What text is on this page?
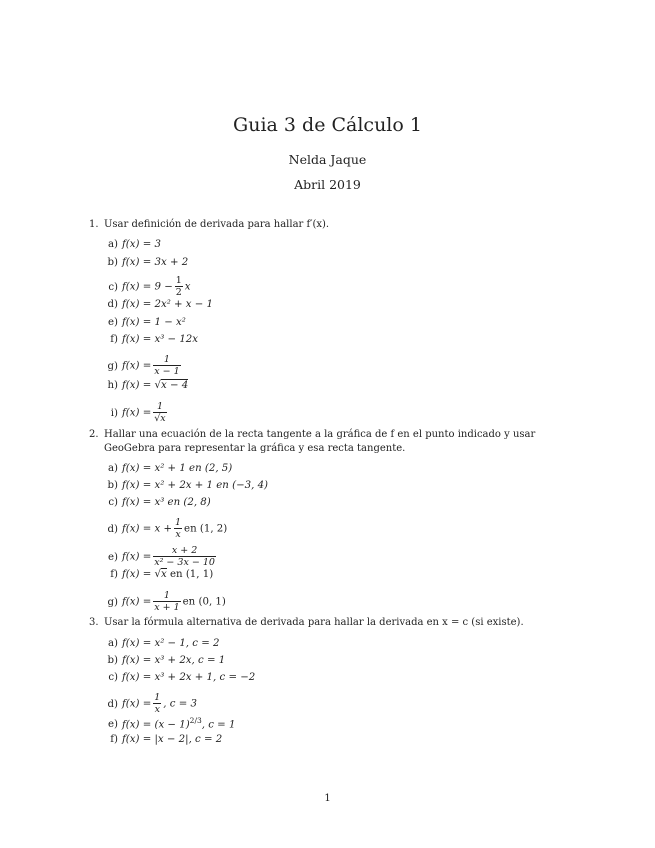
Guia 3 de Cálculo 1
Nelda Jaque
Abril 2019
1. Usar definición de derivada para hallar f′(x).
a) f(x) = 3
b) f(x) = 3x + 2
c) $f(x) = 9 - \frac{1}{2}$ x
d) f(x) = 2x² + x − 1
e) f(x) = 1 − x²
f) f(x) = x³ − 12x
g) $f(x) = \frac{1}{x - 1}$
h) f(x) = √x − 4
i) $f(x) = \frac{1}{√x}$
2. Hallar una ecuación de la recta tangente a la gráfica de f en el punto indicado y usar GeoGebra para representar la gráfica y esa recta tangente.
a) f(x) = x² + 1 en (2, 5)
b) f(x) = x² + 2x + 1 en (−3, 4)
c) f(x) = x³ en (2, 8)
d) $f(x) = x + \frac{1}{x}$ en (1, 2)
e) $f(x) = \frac{x + 2}{\text{x² − 3x − 10}}$
f) f(x) = √x en (1, 1)
g) $f(x) = \frac{1}{x + 1}$ en (0, 1)
3. Usar la fórmula alternativa de derivada para hallar la derivada en x = c (si existe).
a) f(x) = x² − 1, c = 2
b) f(x) = x³ + 2x, c = 1
c) f(x) = x³ + 2x + 1, c = −2
d) $f(x) = \frac{1}{x}$ , c = 3
e) $f(x) = (x - 1)^{2/3}$, c = 1
f) f(x) = |x − 2|, c = 2
1
